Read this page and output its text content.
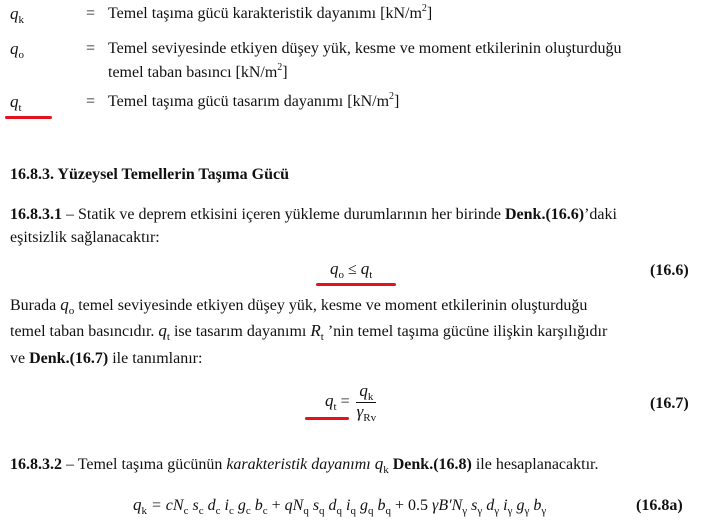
$q_k$	= Temel taşıma gücü karakteristik dayanımı $[kN/m^2]$
$q_o$	= Temel seviyesinde etkiyen düşey yük, kesme ve moment etkilerinin oluşturduğu
temel taban basıncı $[kN/m^2]$
$q_t$	= Temel taşıma gücü tasarım dayanımı $[kN/m^2]$
16.8.3. Yüzeysel Temellerin Taşıma Gücü
16.8.3.1 – Statik ve deprem etkisini içeren yükleme durumlarının her birinde Denk.(16.6)’daki
eşitsizlik sağlanacaktır:
$q_o \le q_t$	(16.6)
Burada $q_o$ temel seviyesinde etkiyen düşey yük, kesme ve moment etkilerinin oluşturduğu
temel taban basıncıdır. $q_t$ ise tasarım dayanımı $R_t$ ’nin temel taşıma gücüne ilişkin karşılığıdır
ve Denk.(16.7) ile tanımlanır:
$q_t = \frac{q_k}{\gamma_{Rv}}$	(16.7)
16.8.3.2 – Temel taşıma gücünün karakteristik dayanımı $q_k$ Denk.(16.8) ile hesaplanacaktır.
$q_k = cN_c$ $s_c$ $d_c$ $i_c$ $g_c$ $b_c + qN_q$ $s_q$ $d_q$ $i_q$ $g_q$ $b_q + 0.5$ $\gamma B'N_\gamma$ $s_\gamma$ $d_\gamma$ $i_\gamma$ $g_\gamma$ $b_\gamma$	(16.8a)
